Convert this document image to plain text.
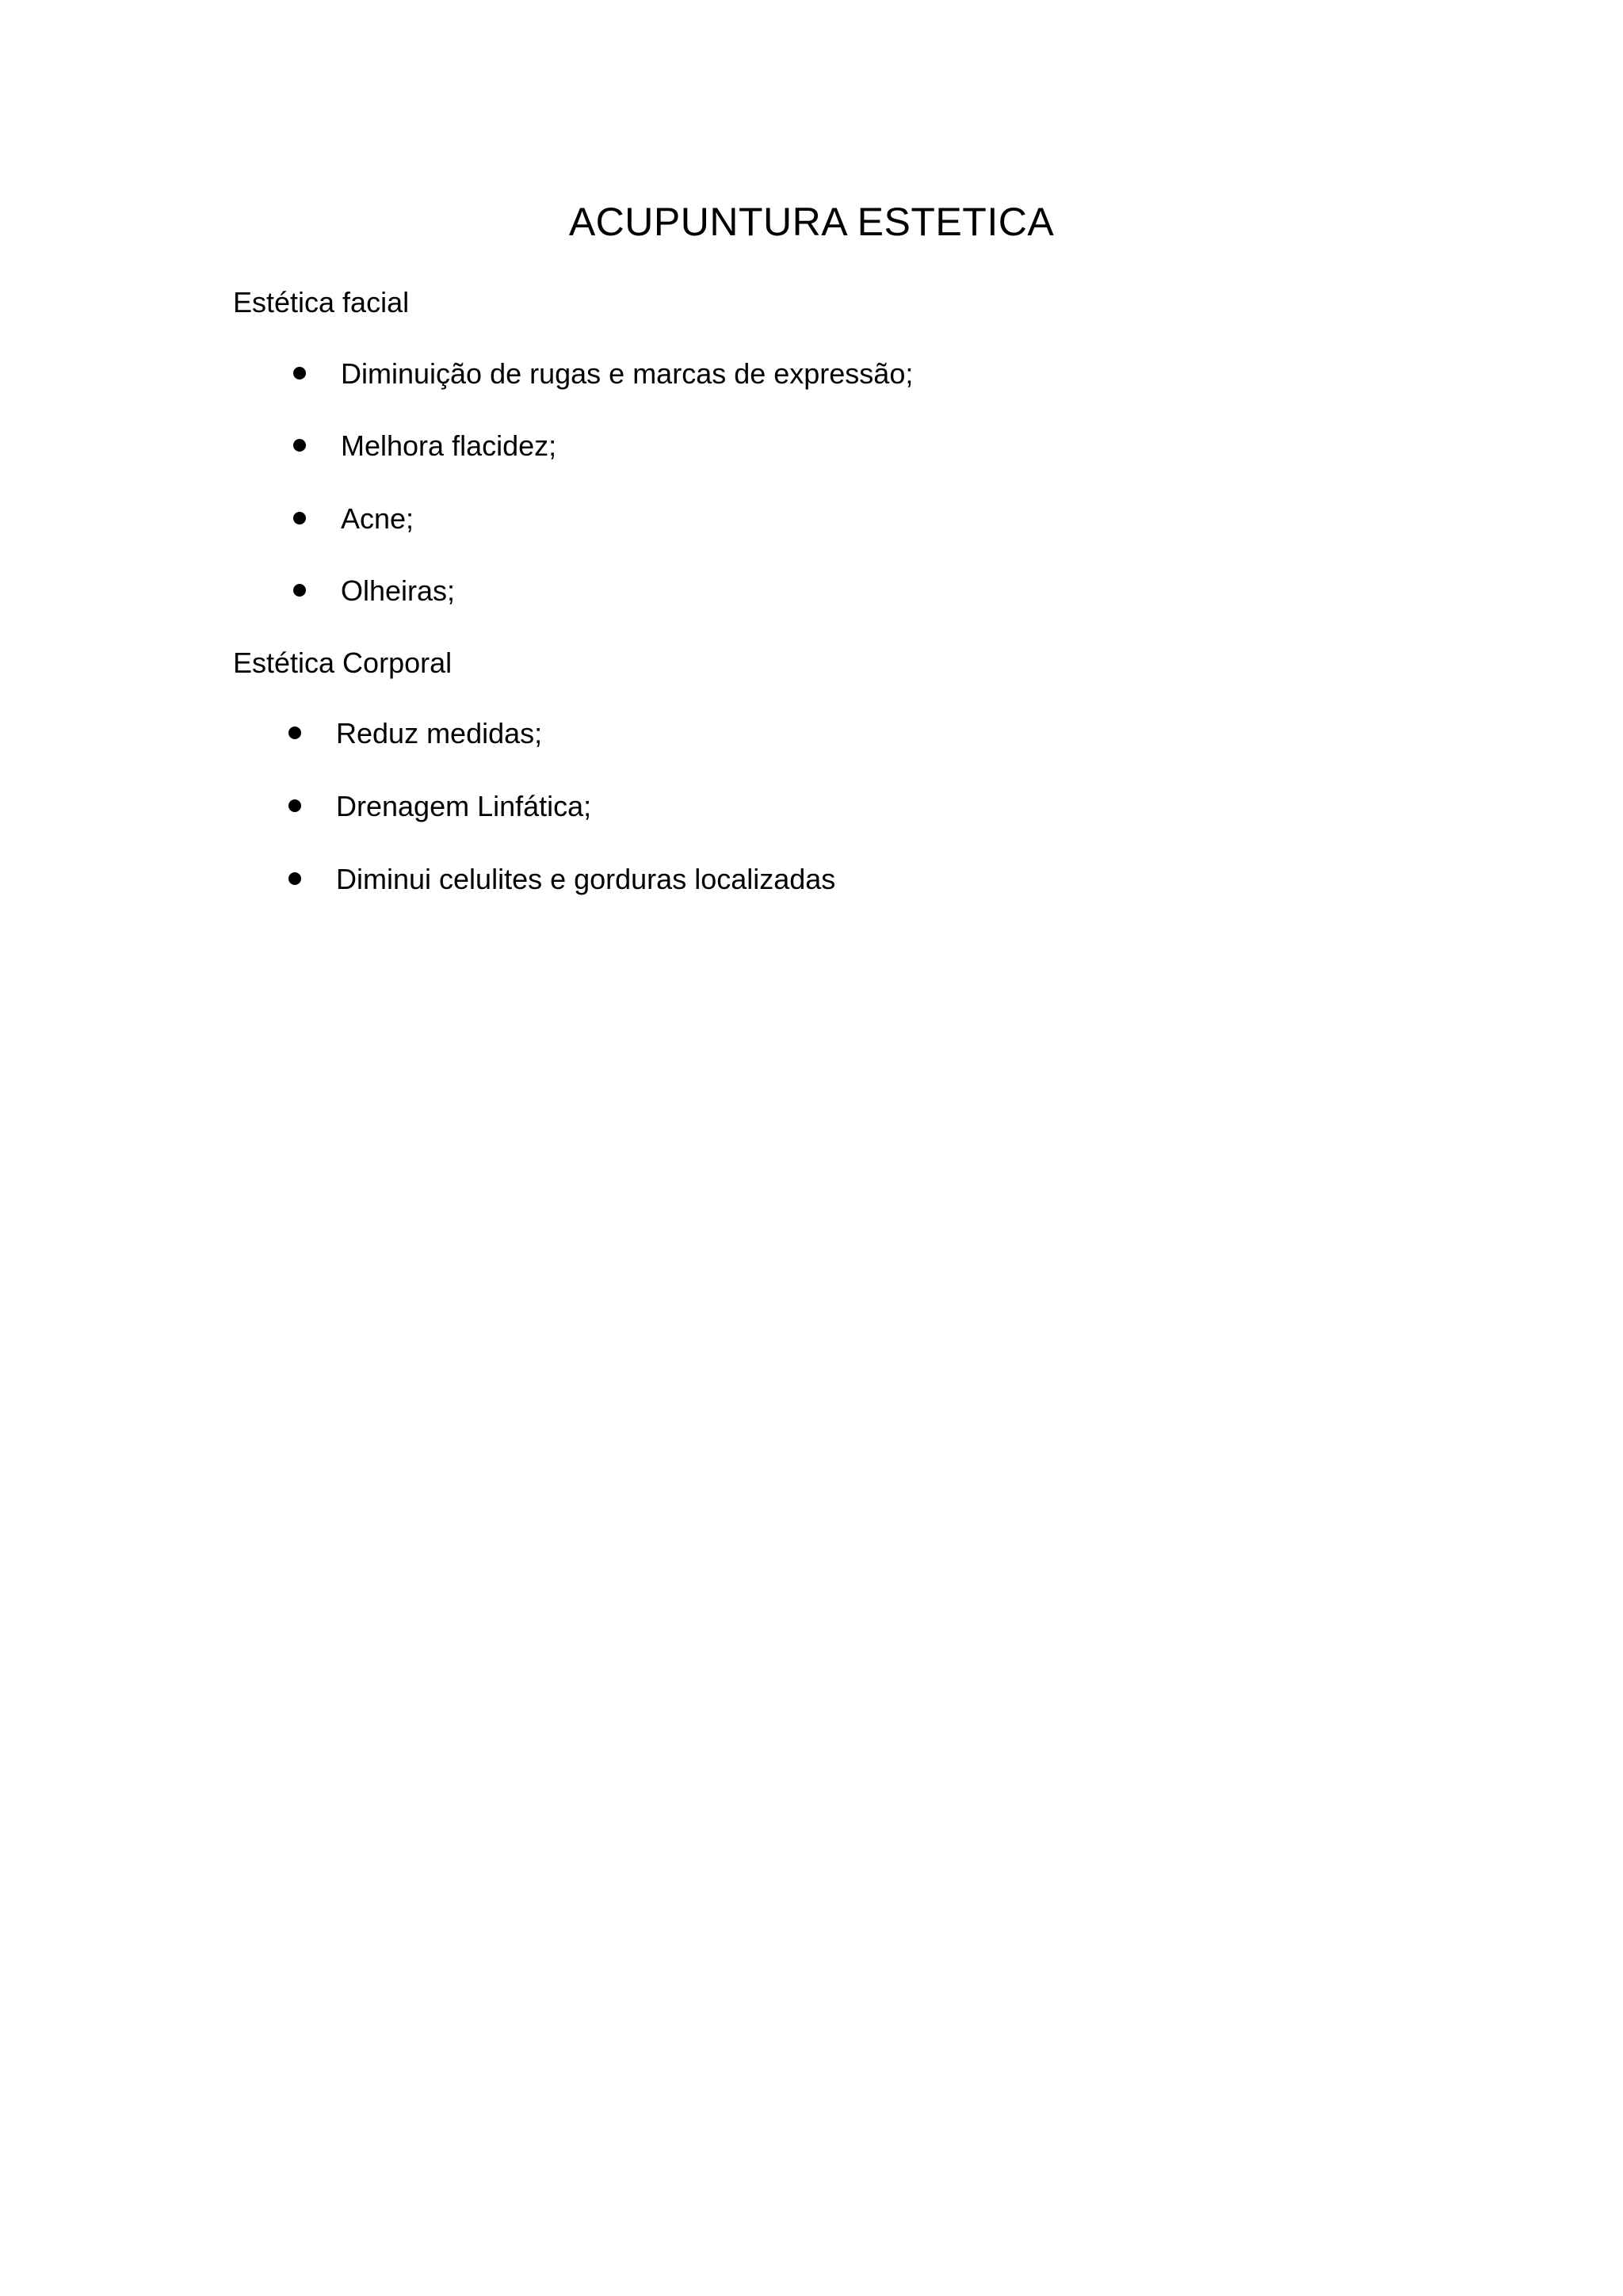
ACUPUNTURA ESTETICA
Estética facial
Diminuição de rugas e marcas de expressão;
Melhora flacidez;
Acne;
Olheiras;
Estética Corporal
Reduz medidas;
Drenagem Linfática;
Diminui celulites e gorduras localizadas
